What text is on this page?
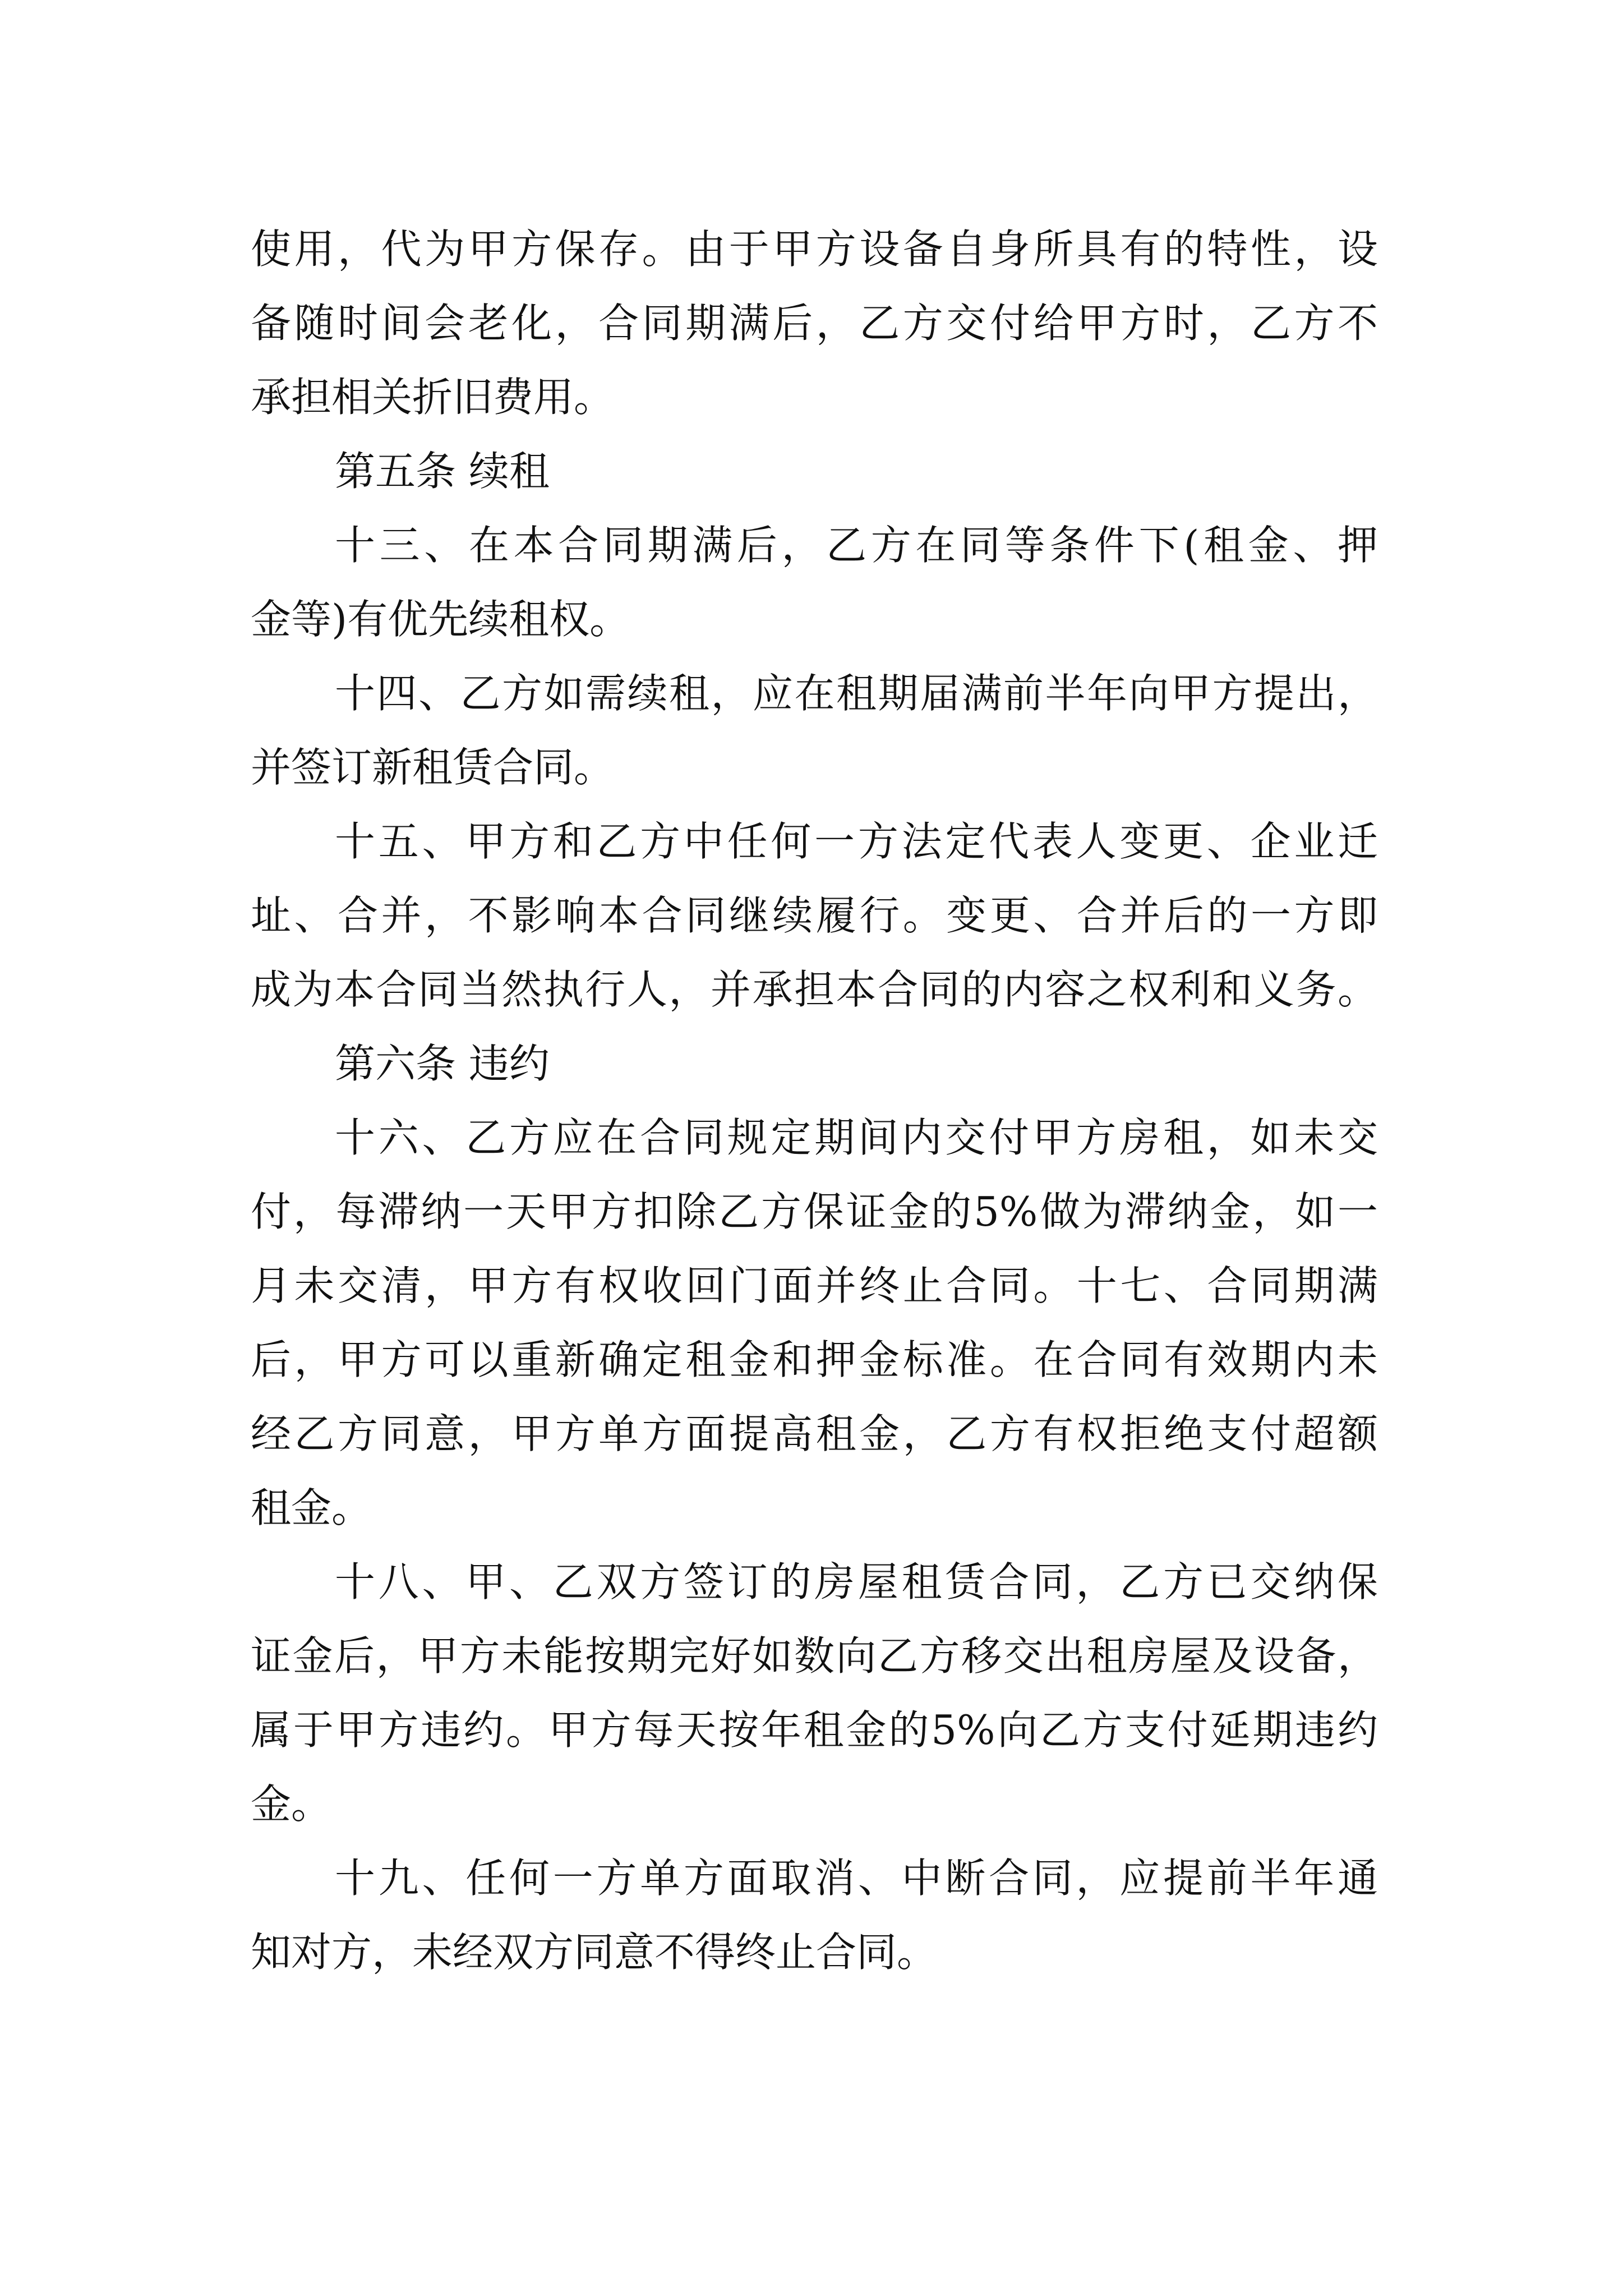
使用，代为甲方保存。由于甲方设备自身所具有的特性，设
备随时间会老化，合同期满后，乙方交付给甲方时，乙方不
承担相关折旧费用。
第五条 续租
十三、在本合同期满后，乙方在同等条件下(租金、押
金等)有优先续租权。
十四、乙方如需续租，应在租期届满前半年向甲方提出，
并签订新租赁合同。
十五、甲方和乙方中任何一方法定代表人变更、企业迁
址、合并，不影响本合同继续履行。变更、合并后的一方即
成为本合同当然执行人，并承担本合同的内容之权利和义务。
第六条 违约
十六、乙方应在合同规定期间内交付甲方房租，如未交
付，每滞纳一天甲方扣除乙方保证金的5%做为滞纳金，如一
月未交清，甲方有权收回门面并终止合同。十七、合同期满
后，甲方可以重新确定租金和押金标准。在合同有效期内未
经乙方同意，甲方单方面提高租金，乙方有权拒绝支付超额
租金。
十八、甲、乙双方签订的房屋租赁合同，乙方已交纳保
证金后，甲方未能按期完好如数向乙方移交出租房屋及设备，
属于甲方违约。甲方每天按年租金的5%向乙方支付延期违约
金。
十九、任何一方单方面取消、中断合同，应提前半年通
知对方，未经双方同意不得终止合同。
